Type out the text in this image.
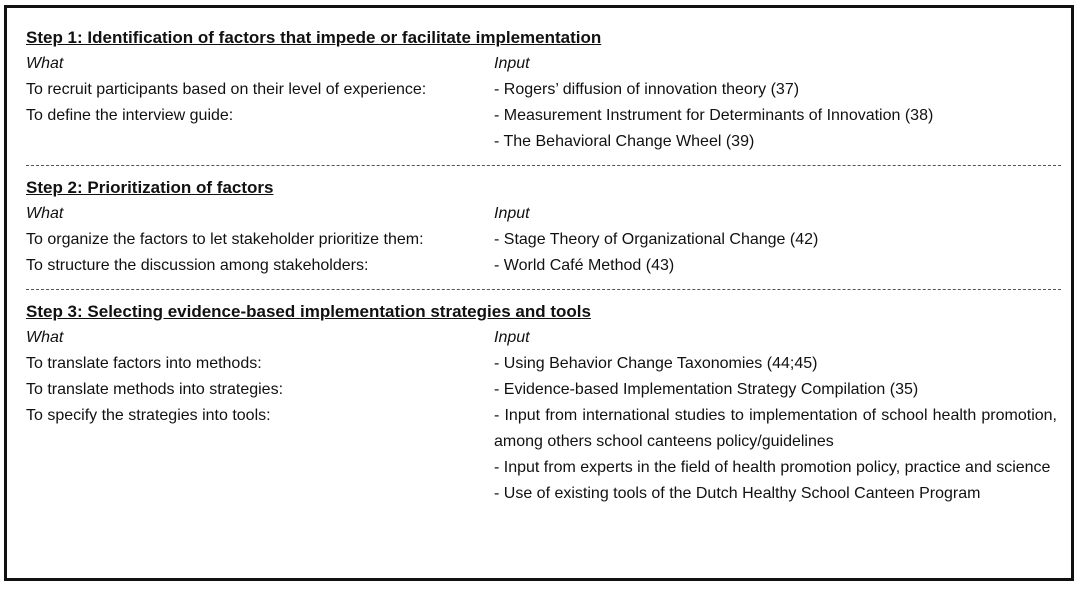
Step 1: Identification of factors that impede or facilitate implementation
What	Input
To recruit participants based on their level of experience:	- Rogers’ diffusion of innovation theory (37)
To define the interview guide:	- Measurement Instrument for Determinants of Innovation (38)
- The Behavioral Change Wheel (39)
Step 2: Prioritization of factors
What	Input
To organize the factors to let stakeholder prioritize them:	- Stage Theory of Organizational Change (42)
To structure the discussion among stakeholders:	- World Café Method (43)
Step 3: Selecting evidence-based implementation strategies and tools
What	Input
To translate factors into methods:	- Using Behavior Change Taxonomies (44;45)
To translate methods into strategies:	- Evidence-based Implementation Strategy Compilation (35)
To specify the strategies into tools:	- Input from international studies to implementation of school health promotion, among others school canteens policy/guidelines
- Input from experts in the field of health promotion policy, practice and science
- Use of existing tools of the Dutch Healthy School Canteen Program
